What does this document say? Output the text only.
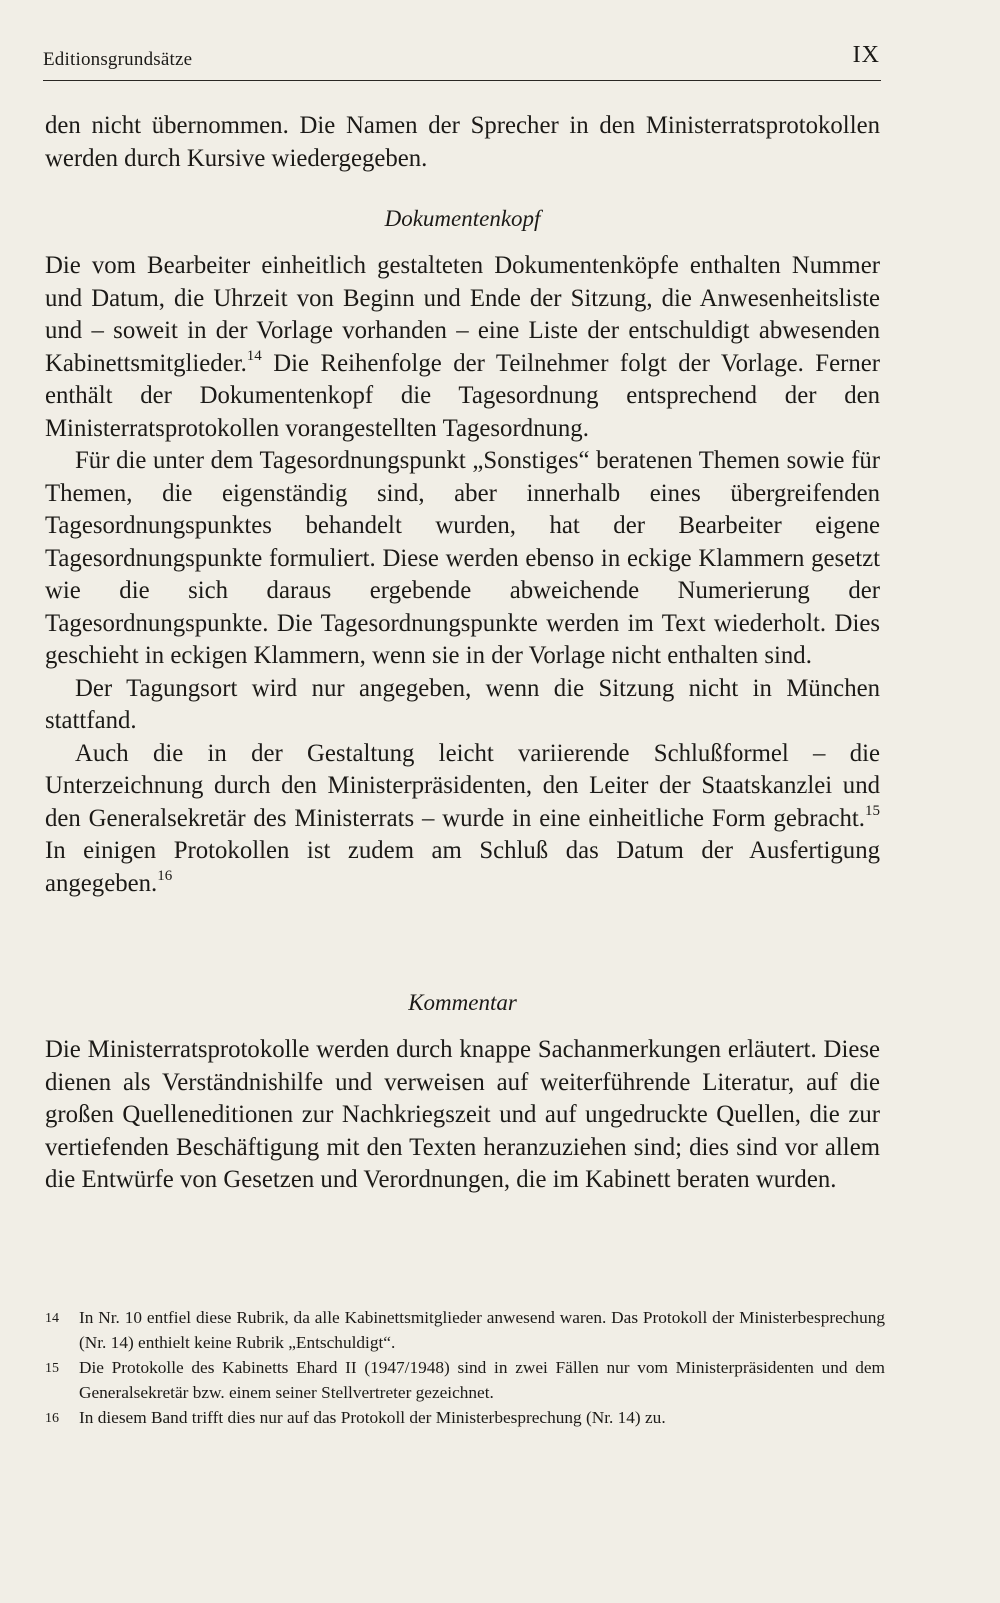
Editionsgrundsätze	IX

den nicht übernommen. Die Namen der Sprecher in den Ministerratsprotokollen werden durch Kursive wiedergegeben.

Dokumentenkopf

Die vom Bearbeiter einheitlich gestalteten Dokumentenköpfe enthalten Nummer und Datum, die Uhrzeit von Beginn und Ende der Sitzung, die Anwesenheitsliste und – soweit in der Vorlage vorhanden – eine Liste der entschuldigt abwesenden Kabinettsmitglieder.$^{14}$ Die Reihenfolge der Teilnehmer folgt der Vorlage. Ferner enthält der Dokumentenkopf die Tagesordnung entsprechend der den Ministerratsprotokollen vorangestellten Tagesordnung.

Für die unter dem Tagesordnungspunkt „Sonstiges“ beratenen Themen sowie für Themen, die eigenständig sind, aber innerhalb eines übergreifenden Tagesordnungspunktes behandelt wurden, hat der Bearbeiter eigene Tagesordnungspunkte formuliert. Diese werden ebenso in eckige Klammern gesetzt wie die sich daraus ergebende abweichende Numerierung der Tagesordnungspunkte. Die Tagesordnungspunkte werden im Text wiederholt. Dies geschieht in eckigen Klammern, wenn sie in der Vorlage nicht enthalten sind.

Der Tagungsort wird nur angegeben, wenn die Sitzung nicht in München stattfand.

Auch die in der Gestaltung leicht variierende Schlußformel – die Unterzeichnung durch den Ministerpräsidenten, den Leiter der Staatskanzlei und den Generalsekretär des Ministerrats – wurde in eine einheitliche Form gebracht.$^{15}$ In einigen Protokollen ist zudem am Schluß das Datum der Ausfertigung angegeben.$^{16}$

Kommentar

Die Ministerratsprotokolle werden durch knappe Sachanmerkungen erläutert. Diese dienen als Verständnishilfe und verweisen auf weiterführende Literatur, auf die großen Quelleneditionen zur Nachkriegszeit und auf ungedruckte Quellen, die zur vertiefenden Beschäftigung mit den Texten heranzuziehen sind; dies sind vor allem die Entwürfe von Gesetzen und Verordnungen, die im Kabinett beraten wurden.

14	In Nr. 10 entfiel diese Rubrik, da alle Kabinettsmitglieder anwesend waren. Das Protokoll der Ministerbesprechung (Nr. 14) enthielt keine Rubrik „Entschuldigt“.
15	Die Protokolle des Kabinetts Ehard II (1947/1948) sind in zwei Fällen nur vom Ministerpräsidenten und dem Generalsekretär bzw. einem seiner Stellvertreter gezeichnet.
16	In diesem Band trifft dies nur auf das Protokoll der Ministerbesprechung (Nr. 14) zu.
